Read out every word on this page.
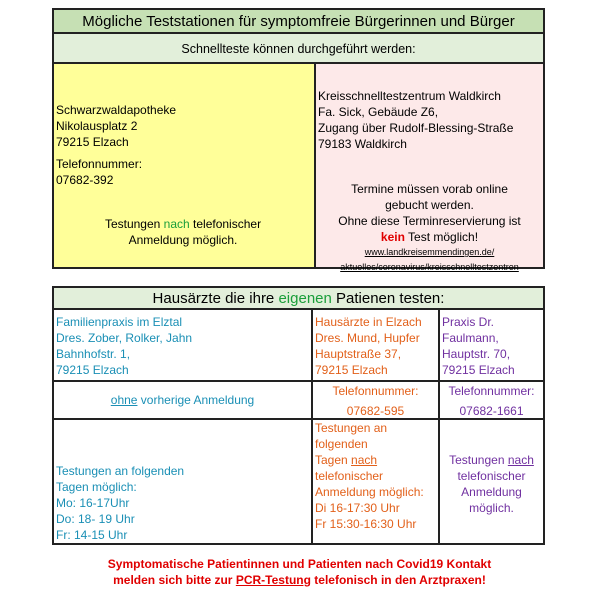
Mögliche Teststationen für symptomfreie Bürgerinnen und Bürger
Schnellteste können durchgeführt werden:
Schwarzwaldapotheke
Nikolausplatz 2
79215 Elzach
Telefonnummer:
07682-392
Testungen nach telefonischer
Anmeldung möglich.
Kreisschnelltestzentrum Waldkirch
Fa. Sick, Gebäude Z6,
Zugang über Rudolf-Blessing-Straße
79183 Waldkirch
Termine müssen vorab online
gebucht werden.
Ohne diese Terminreservierung ist
kein Test möglich!
www.landkreisemmendingen.de/
aktuelles/coronavirus/kreisschnelltestzentren
Hausärzte die ihre eigenen Patienen testen:
Familienpraxis im Elztal
Dres. Zober, Rolker, Jahn
Bahnhofstr. 1,
79215 Elzach
Hausärzte in Elzach
Dres. Mund, Hupfer
Hauptstraße 37,
79215 Elzach
Praxis Dr.
Faulmann,
Hauptstr. 70,
79215 Elzach
ohne vorherige Anmeldung
Telefonnummer:
07682-595
Telefonnummer:
07682-1661
Testungen an folgenden
Tagen möglich:
Mo: 16-17Uhr
Do: 18- 19 Uhr
Fr: 14-15 Uhr
Testungen an
folgenden
Tagen nach
telefonischer
Anmeldung möglich:
Di 16-17:30 Uhr
Fr 15:30-16:30 Uhr
Testungen nach
telefonischer
Anmeldung
möglich.
Symptomatische Patientinnen und Patienten nach Covid19 Kontakt
melden sich bitte zur PCR-Testung telefonisch in den Arztpraxen!
